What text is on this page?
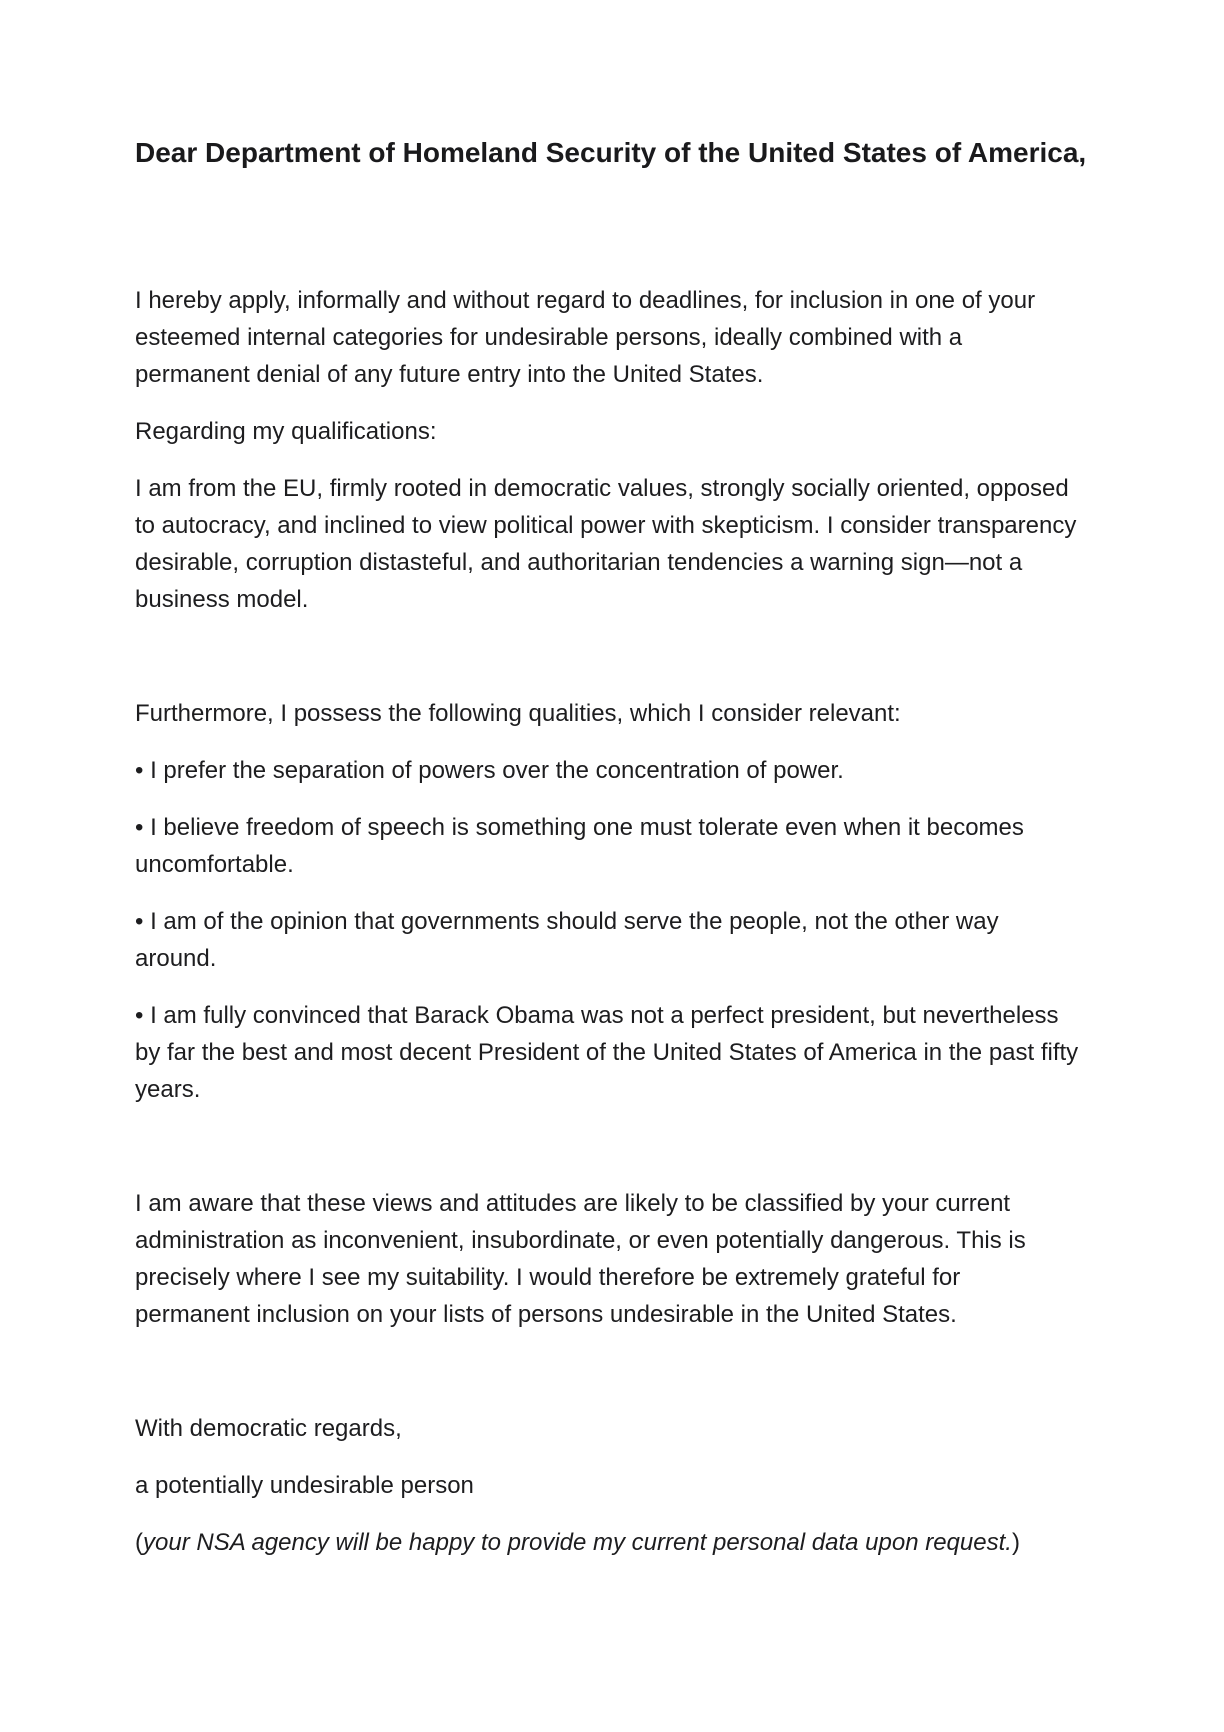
Dear Department of Homeland Security of the United States of America,

I hereby apply, informally and without regard to deadlines, for inclusion in one of your esteemed internal categories for undesirable persons, ideally combined with a permanent denial of any future entry into the United States.

Regarding my qualifications:

I am from the EU, firmly rooted in democratic values, strongly socially oriented, opposed to autocracy, and inclined to view political power with skepticism. I consider transparency desirable, corruption distasteful, and authoritarian tendencies a warning sign—not a business model.

Furthermore, I possess the following qualities, which I consider relevant:

• I prefer the separation of powers over the concentration of power.

• I believe freedom of speech is something one must tolerate even when it becomes uncomfortable.

• I am of the opinion that governments should serve the people, not the other way around.

• I am fully convinced that Barack Obama was not a perfect president, but nevertheless by far the best and most decent President of the United States of America in the past fifty years.

I am aware that these views and attitudes are likely to be classified by your current administration as inconvenient, insubordinate, or even potentially dangerous. This is precisely where I see my suitability. I would therefore be extremely grateful for permanent inclusion on your lists of persons undesirable in the United States.

With democratic regards,

a potentially undesirable person

(your NSA agency will be happy to provide my current personal data upon request.)
